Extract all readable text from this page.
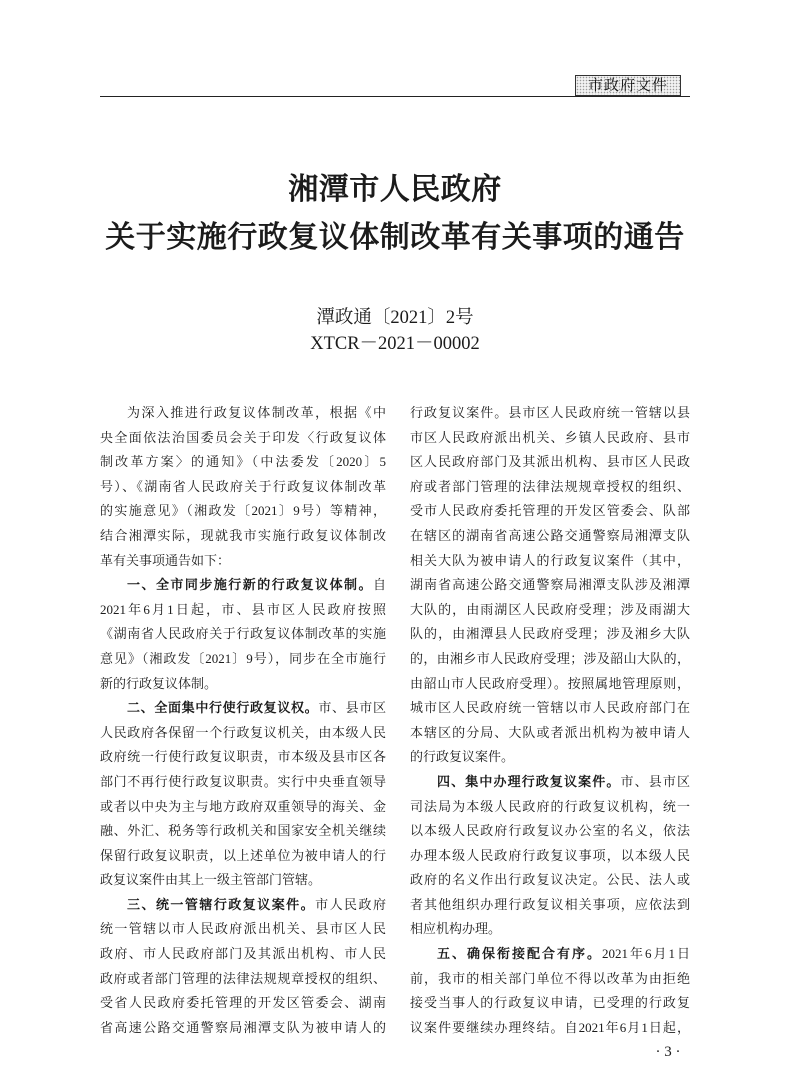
市政府文件
湘潭市人民政府
关于实施行政复议体制改革有关事项的通告
潭政通〔2021〕2号
XTCR－2021－00002
为深入推进行政复议体制改革，根据《中
央全面依法治国委员会关于印发〈行政复议体
制改革方案〉的通知》（中法委发〔2020〕5
号）、《湖南省人民政府关于行政复议体制改革
的实施意见》（湘政发〔2021〕9号）等精神，
结合湘潭实际，现就我市实施行政复议体制改
革有关事项通告如下：
一、全市同步施行新的行政复议体制。自
2021年6月1日起，市、县市区人民政府按照
《湖南省人民政府关于行政复议体制改革的实施
意见》（湘政发〔2021〕9号），同步在全市施行
新的行政复议体制。
二、全面集中行使行政复议权。市、县市区
人民政府各保留一个行政复议机关，由本级人民
政府统一行使行政复议职责，市本级及县市区各
部门不再行使行政复议职责。实行中央垂直领导
或者以中央为主与地方政府双重领导的海关、金
融、外汇、税务等行政机关和国家安全机关继续
保留行政复议职责，以上述单位为被申请人的行
政复议案件由其上一级主管部门管辖。
三、统一管辖行政复议案件。市人民政府
统一管辖以市人民政府派出机关、县市区人民
政府、市人民政府部门及其派出机构、市人民
政府或者部门管理的法律法规规章授权的组织、
受省人民政府委托管理的开发区管委会、湖南
省高速公路交通警察局湘潭支队为被申请人的
行政复议案件。县市区人民政府统一管辖以县
市区人民政府派出机关、乡镇人民政府、县市
区人民政府部门及其派出机构、县市区人民政
府或者部门管理的法律法规规章授权的组织、
受市人民政府委托管理的开发区管委会、队部
在辖区的湖南省高速公路交通警察局湘潭支队
相关大队为被申请人的行政复议案件（其中，
湖南省高速公路交通警察局湘潭支队涉及湘潭
大队的，由雨湖区人民政府受理；涉及雨湖大
队的，由湘潭县人民政府受理；涉及湘乡大队
的，由湘乡市人民政府受理；涉及韶山大队的，
由韶山市人民政府受理）。按照属地管理原则，
城市区人民政府统一管辖以市人民政府部门在
本辖区的分局、大队或者派出机构为被申请人
的行政复议案件。
四、集中办理行政复议案件。市、县市区
司法局为本级人民政府的行政复议机构，统一
以本级人民政府行政复议办公室的名义，依法
办理本级人民政府行政复议事项，以本级人民
政府的名义作出行政复议决定。公民、法人或
者其他组织办理行政复议相关事项，应依法到
相应机构办理。
五、确保衔接配合有序。2021年6月1日
前，我市的相关部门单位不得以改革为由拒绝
接受当事人的行政复议申请，已受理的行政复
议案件要继续办理终结。自2021年6月1日起，
· 3 ·
